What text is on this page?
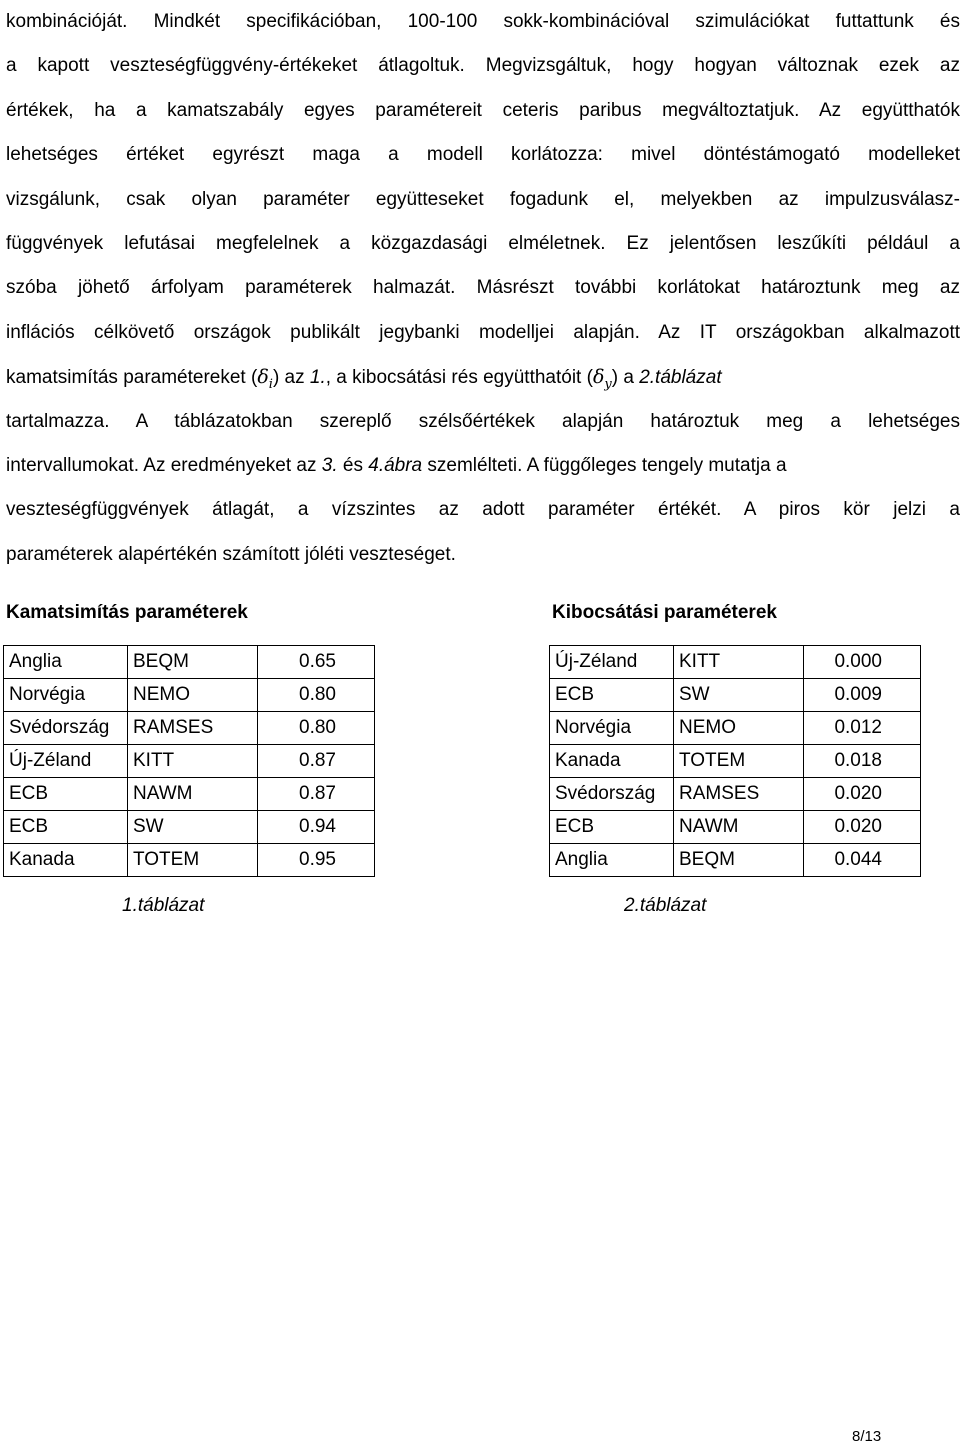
kombinációját. Mindkét specifikációban, 100-100 sokk-kombinációval szimulációkat futtattunk és
a kapott veszteségfüggvény-értékeket átlagoltuk. Megvizsgáltuk, hogy hogyan változnak ezek az
értékek, ha a kamatszabály egyes paramétereit ceteris paribus megváltoztatjuk. Az együtthatók
lehetséges értéket egyrészt maga a modell korlátozza: mivel döntéstámogató modelleket
vizsgálunk, csak olyan paraméter együtteseket fogadunk el, melyekben az impulzusválasz-
függvények lefutásai megfelelnek a közgazdasági elméletnek. Ez jelentősen leszűkíti például a
szóba jöhető árfolyam paraméterek halmazát. Másrészt további korlátokat határoztunk meg az
inflációs célkövető országok publikált jegybanki modelljei alapján. Az IT országokban alkalmazott
kamatsimítás paramétereket $(\delta_i)$ az 1., a kibocsátási rés együtthatóit $(\delta_y)$ a 2.táblázat
tartalmazza. A táblázatokban szereplő szélsőértékek alapján határoztuk meg a lehetséges
intervallumokat. Az eredményeket az 3. és 4.ábra szemlélteti. A függőleges tengely mutatja a
veszteségfüggvények átlagát, a vízszintes az adott paraméter értékét. A piros kör jelzi a
paraméterek alapértékén számított jóléti veszteséget.
Kamatsimítás paraméterek	Kibocsátási paraméterek
Anglia	BEQM	0.65
Norvégia	NEMO	0.80
Svédország	RAMSES	0.80
Új-Zéland	KITT	0.87
ECB	NAWM	0.87
ECB	SW	0.94
Kanada	TOTEM	0.95
Új-Zéland	KITT	0.000
ECB	SW	0.009
Norvégia	NEMO	0.012
Kanada	TOTEM	0.018
Svédország	RAMSES	0.020
ECB	NAWM	0.020
Anglia	BEQM	0.044
1.táblázat	2.táblázat
8/13
